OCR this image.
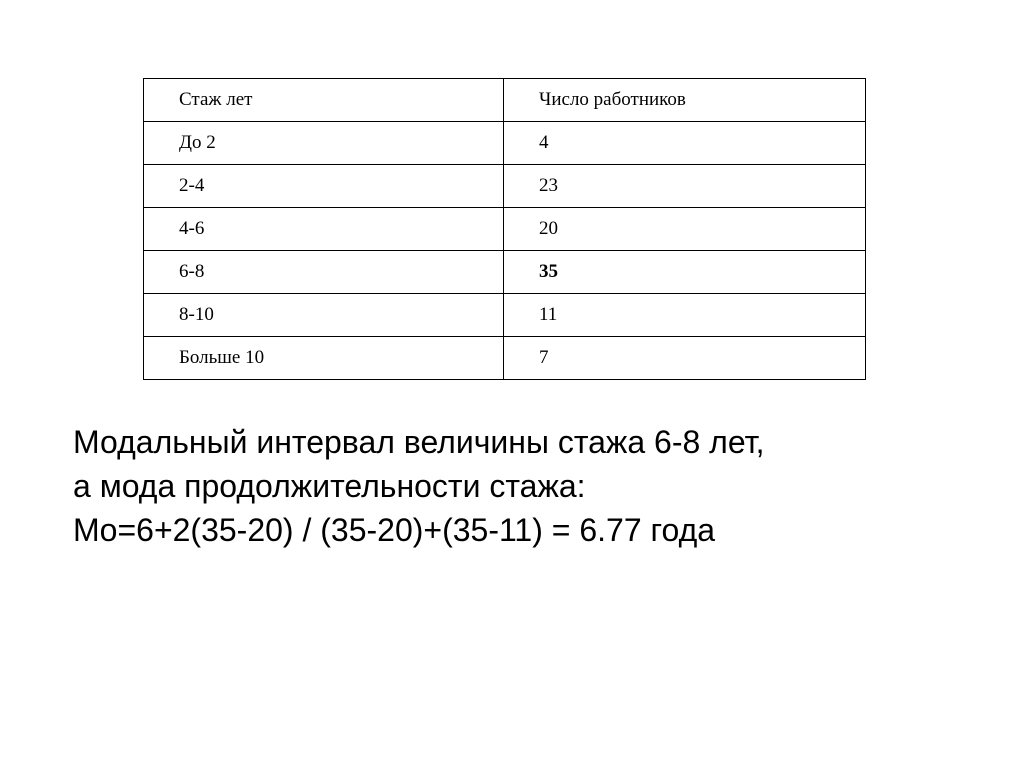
Стаж лет	Число работников
До 2	4
2-4	23
4-6	20
6-8	35
8-10	11
Больше 10	7
Модальный интервал величины стажа 6-8 лет,
а мода продолжительности стажа:
Mo=6+2(35-20) / (35-20)+(35-11) = 6.77 года
